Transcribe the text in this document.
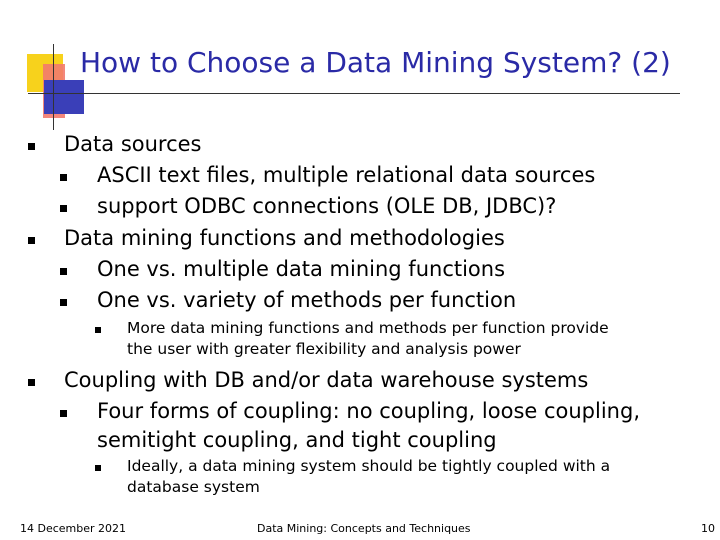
How to Choose a Data Mining System? (2)
Data sources
ASCII text files, multiple relational data sources
support ODBC connections (OLE DB, JDBC)?
Data mining functions and methodologies
One vs. multiple data mining functions
One vs. variety of methods per function
More data mining functions and methods per function provide
the user with greater flexibility and analysis power
Coupling with DB and/or data warehouse systems
Four forms of coupling: no coupling, loose coupling,
semitight coupling, and tight coupling
Ideally, a data mining system should be tightly coupled with a
database system
14 December 2021	Data Mining: Concepts and Techniques	10
